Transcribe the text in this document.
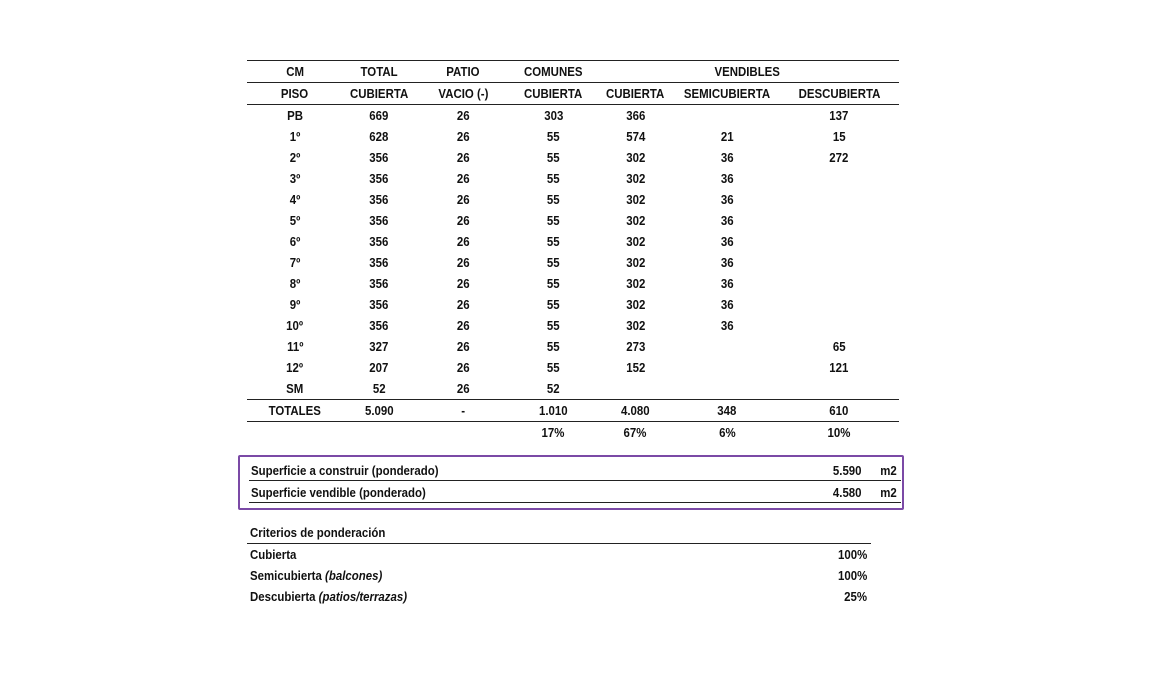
CM	TOTAL	PATIO	COMUNES	VENDIBLES		
PISO	CUBIERTA	VACIO (-)	CUBIERTA	CUBIERTA	SEMICUBIERTA	DESCUBIERTA
PB	669	26	303	366		137
1º	628	26	55	574	21	15
2º	356	26	55	302	36	272
3º	356	26	55	302	36	
4º	356	26	55	302	36	
5º	356	26	55	302	36	
6º	356	26	55	302	36	
7º	356	26	55	302	36	
8º	356	26	55	302	36	
9º	356	26	55	302	36	
10º	356	26	55	302	36	
11º	327	26	55	273		65
12º	207	26	55	152		121
SM	52	26	52			
TOTALES	5.090	-	1.010	4.080	348	610
			17%	67%	6%	10%
Superficie a construir (ponderado)	5.590 m2
Superficie vendible (ponderado)	4.580 m2
Criterios de ponderación
Cubierta	100%
Semicubierta (balcones)	100%
Descubierta (patios/terrazas)	25%
